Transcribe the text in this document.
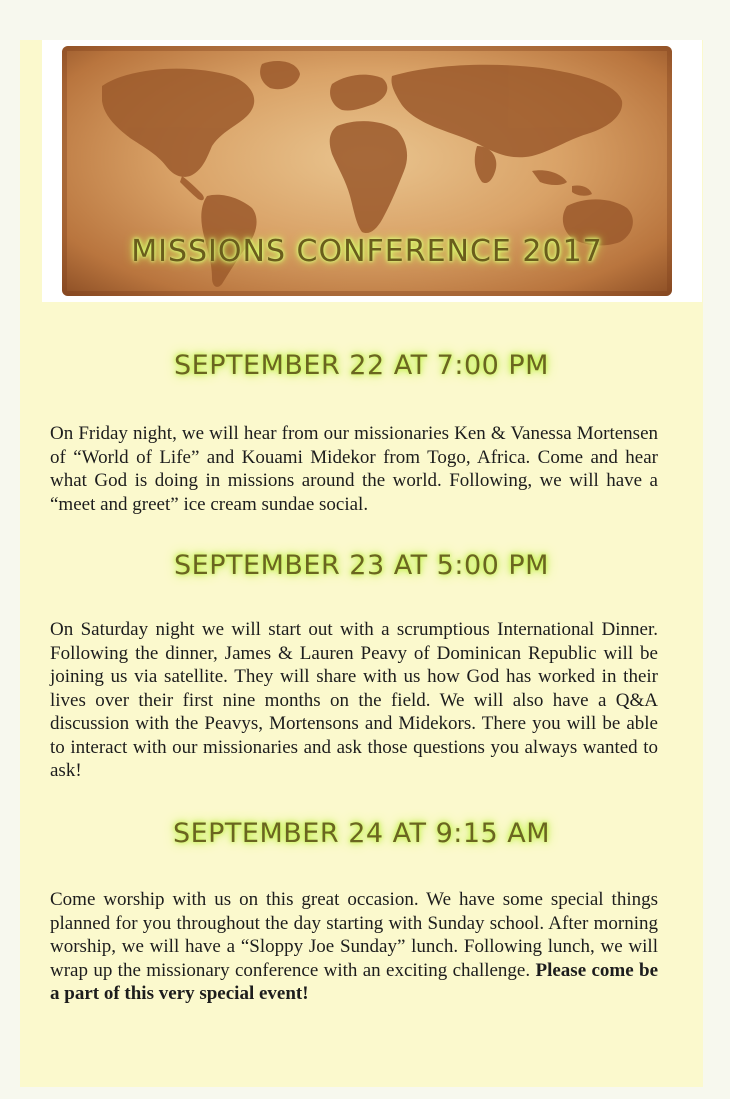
MISSIONS CONFERENCE 2017
SEPTEMBER 22 AT 7:00 PM
On Friday night, we will hear from our missionaries Ken & Vanessa Mortensen of “World of Life” and Kouami Midekor from Togo, Africa. Come and hear what God is doing in missions around the world. Following, we will have a “meet and greet” ice cream sundae social.
SEPTEMBER 23 AT 5:00 PM
On Saturday night we will start out with a scrumptious International Dinner. Following the dinner, James & Lauren Peavy of Dominican Republic will be joining us via satellite. They will share with us how God has worked in their lives over their first nine months on the field. We will also have a Q&A discussion with the Peavys, Mortensons and Midekors. There you will be able to interact with our missionaries and ask those questions you always wanted to ask!
SEPTEMBER 24 AT 9:15 AM
Come worship with us on this great occasion. We have some special things planned for you throughout the day starting with Sunday school. After morning worship, we will have a “Sloppy Joe Sunday” lunch. Following lunch, we will wrap up the missionary conference with an exciting challenge. Please come be a part of this very special event!
